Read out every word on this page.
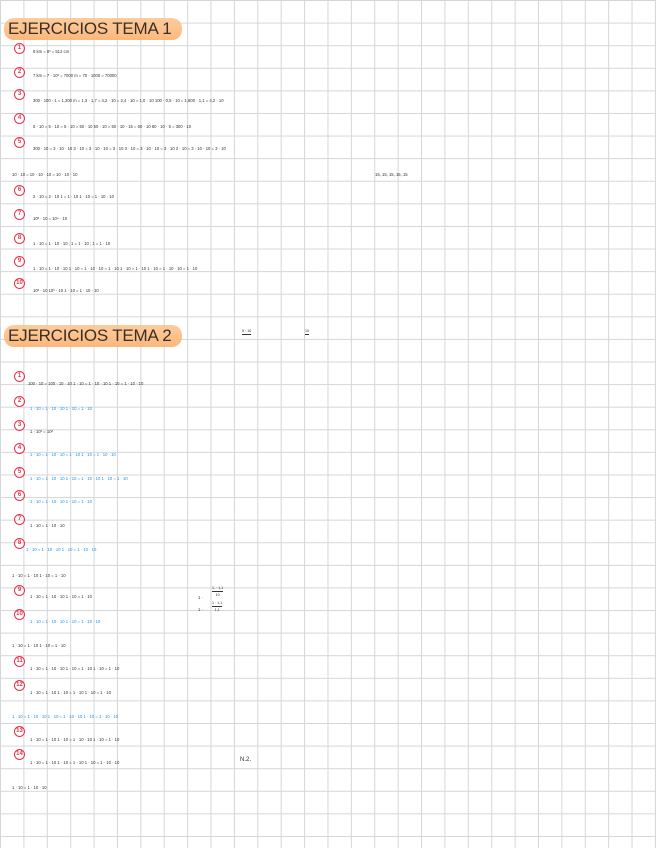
EJERCICIOS TEMA 1
1
8 km = 8³ = 512 cm
2
7 km = 7 · 10³ = 7000 m = 70 · 1000 = 70000
3
300 · 100 · 1 = 1,300 m = 1,3 · 1,7 = 4,2 · 10 = 2,4 · 10 = 1,0 · 10 100 · 0,5 · 10 = 1,800 · 1,1 = 4,2 · 10
4
5 · 10 = 5 · 10 = 5 · 10 = 50 · 10 50 · 10 = 50 · 10 · 15 = 60 · 10 60 · 10 · 5 = 300 · 10
5
300 · 10 = 3 · 10 · 10 3 · 10 = 3 · 10 · 10 = 3 · 10 3 · 10 = 3 · 10 · 10 = 3 · 10 3 · 10 = 3 · 10 · 10 = 3 · 10
10 · 10 = 10 · 10 · 10 = 10 · 10 · 10	15, 15, 15, 15, 15
6
2 · 10 = 2 · 10 1 = 1 · 10 1 · 10 = 1 · 10 · 10
7
10³ · 10 = 10⁴ · 10
8
1 · 10 = 1 · 10 · 10 ; 1 = 1 · 10 ; 1 = 1 · 10
9
1 · 10 = 1 · 10 · 10 1 · 10 = 1 · 10 · 10 = 1 · 10 1 · 10 = 1 · 10 1 · 10 = 1 · 10 · 10 = 1 · 10
10
10³ · 10 10³ · 10 1 · 10 = 1 · 10 · 10
EJERCICIOS TEMA 2	5 · 10	10
1
100 · 10 = 100 · 10 · 10 1 · 10 = 1 · 10 · 10 1 · 10 = 1 · 10 · 10
2
1 · 10 = 1 · 10 · 10 1 · 10 = 1 · 10
3
1 · 10³ = 10³
4
1 · 10 = 1 · 10 · 10 = 1 · 10 1 · 10 = 1 · 10 · 10
5
1 · 10 = 1 · 10 · 10 1 · 10 = 1 · 10 · 10 1 · 10 = 1 · 10
6
1 · 10 = 1 · 10 · 10 1 · 10 = 1 · 10
7
1 · 10 = 1 · 10 · 10
8
1 · 10 = 1 · 10 · 10 1 · 10 = 1 · 10 · 10
1 · 10 = 1 · 10 1 · 10 = 1 · 10
9
1 · 10 = 1 · 10 · 10 1 · 10 = 1 · 10
10
1 · 10 = 1 · 10 · 10 1 · 10 = 1 · 10 · 10
1 · 10 = 1 · 10 1 · 10 = 1 · 10
11
1 · 10 = 1 · 10 · 10 1 · 10 = 1 · 10 1 · 10 = 1 · 10
12
1 · 10 = 1 · 10 1 · 10 = 1 · 10 1 · 10 = 1 · 10
1 · 10 = 1 · 10 · 10 1 · 10 = 1 · 10 · 10 1 · 10 = 1 · 10 · 10
13
1 · 10 = 1 · 10 1 · 10 = 1 · 10 · 10 1 · 10 = 1 · 10
14
1 · 10 = 1 · 10 1 · 10 = 1 · 10 1 · 10 = 1 · 10 · 10
1 · 10 = 1 · 10 · 10
1 ·
1, · 1,1
10
1 ·
1 · 1,1
1,1
N.2.
